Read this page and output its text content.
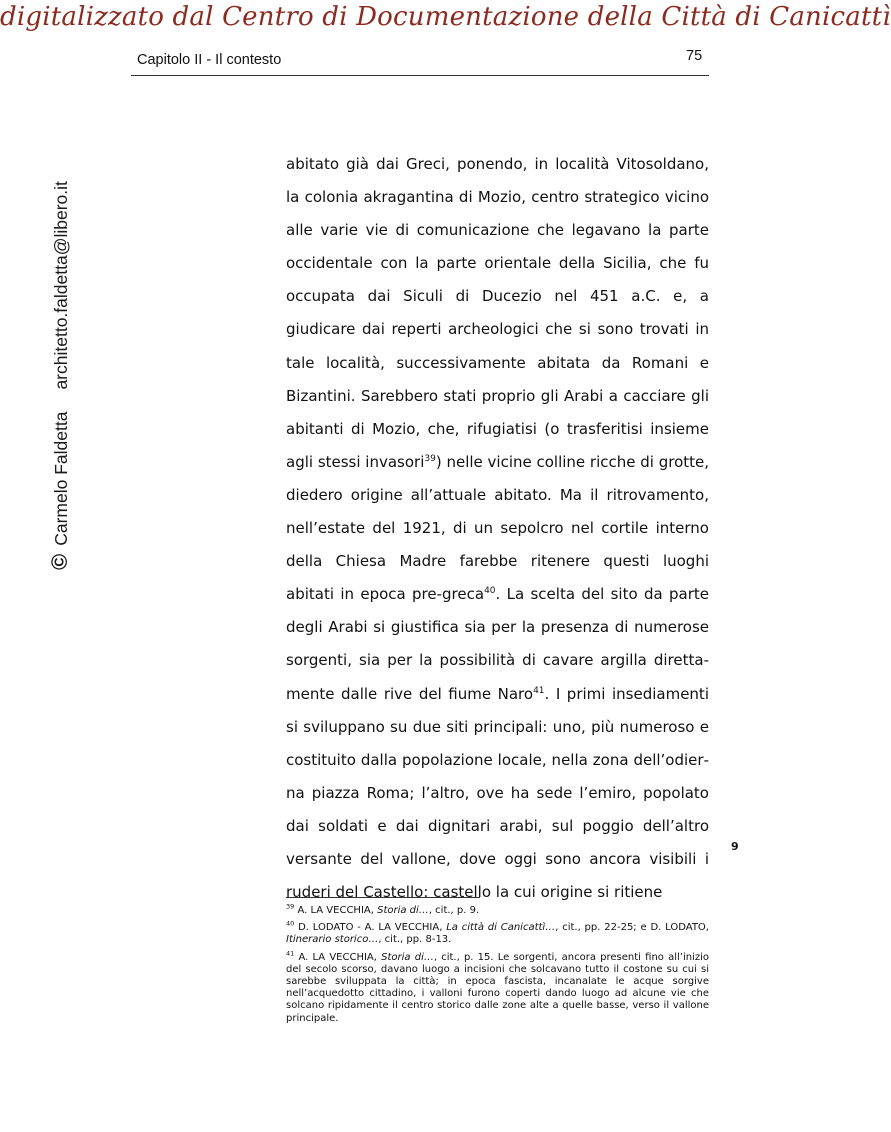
digitalizzato dal Centro di Documentazione della Città di Canicattì
Capitolo II - Il contesto	75
©Carmelo Faldettaarchitetto.faldetta@libero.it

abitato già dai Greci, ponendo, in località Vitosoldano, la colonia akragantina di Mozio, centro strategico vicino alle varie vie di comunicazione che legavano la parte occidentale con la parte orientale della Sicilia, che fu occupata dai Siculi di Ducezio nel 451 a.C. e, a giudicare dai reperti archeologici che si sono trovati in tale località, successivamente abitata da Romani e Bizantini. Sarebbero stati proprio gli Arabi a cacciare gli abitanti di Mozio, che, rifugiatisi (o trasferitisi insieme agli stessi invasori$^{39}$) nelle vicine colline ricche di grotte, diedero origine all’attuale abitato. Ma il ritrovamento, nell’estate del 1921, di un sepolcro nel cortile interno della Chiesa Madre farebbe ritenere questi luoghi abitati in epoca pre-greca$^{40}$. La scelta del sito da parte degli Arabi si giustifica sia per la presenza di numerose sorgenti, sia per la possibilità di cavare argilla direttamente dalle rive del fiume Naro$^{41}$. I primi insediamenti si sviluppano su due siti principali: uno, più numeroso e costituito dalla popolazione locale, nella zona dell’odierna piazza Roma; l’altro, ove ha sede l’emiro, popolato dai soldati e dai dignitari arabi, sul poggio dell’altro versante del vallone, dove oggi sono ancora visibili i ruderi del Castello: castello la cui origine si ritiene

9

$^{39}$ A. LA VECCHIA, Storia di…, cit., p. 9.

$^{40}$ D. LODATO - A. LA VECCHIA, La città di Canicattì…, cit., pp. 22-25; e D. LODATO, Itinerario storico…, cit., pp. 8-13.

$^{41}$ A. LA VECCHIA, Storia di…, cit., p. 15. Le sorgenti, ancora presenti fino all’inizio del secolo scorso, davano luogo a incisioni che solcavano tutto il costone su cui si sarebbe sviluppata la città; in epoca fascista, incanalate le acque sorgive nell’acquedotto cittadino, i valloni furono coperti dando luogo ad alcune vie che solcano ripidamente il centro storico dalle zone alte a quelle basse, verso il vallone principale.
